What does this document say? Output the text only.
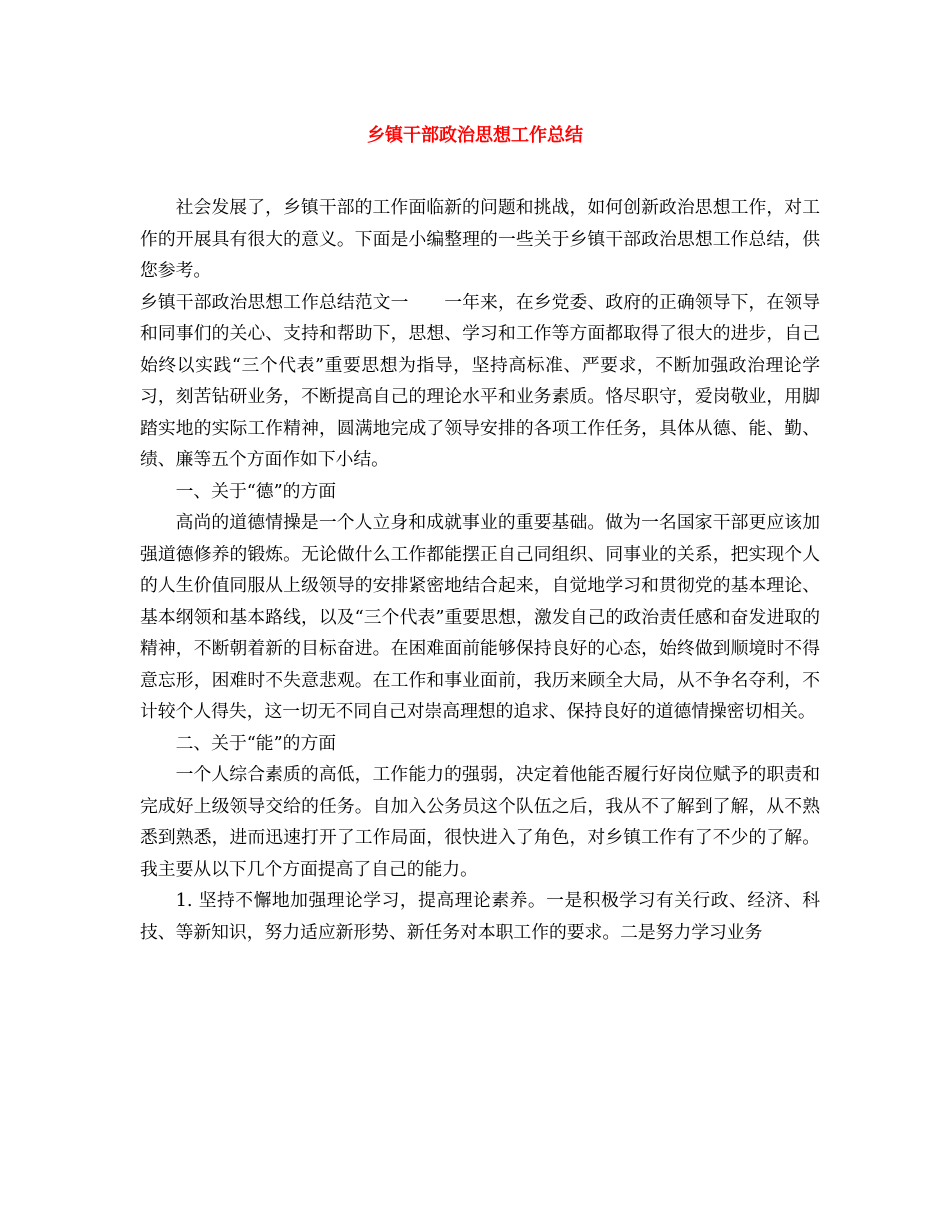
乡镇干部政治思想工作总结

社会发展了，乡镇干部的工作面临新的问题和挑战，如何创新政治思想工作，对工作的开展具有很大的意义。下面是小编整理的一些关于乡镇干部政治思想工作总结，供您参考。

乡镇干部政治思想工作总结范文一　　一年来，在乡党委、政府的正确领导下，在领导和同事们的关心、支持和帮助下，思想、学习和工作等方面都取得了很大的进步，自己始终以实践“三个代表”重要思想为指导，坚持高标准、严要求，不断加强政治理论学习，刻苦钻研业务，不断提高自己的理论水平和业务素质。恪尽职守，爱岗敬业，用脚踏实地的实际工作精神，圆满地完成了领导安排的各项工作任务，具体从德、能、勤、绩、廉等五个方面作如下小结。

一、关于“德”的方面

高尚的道德情操是一个人立身和成就事业的重要基础。做为一名国家干部更应该加强道德修养的锻炼。无论做什么工作都能摆正自己同组织、同事业的关系，把实现个人的人生价值同服从上级领导的安排紧密地结合起来，自觉地学习和贯彻党的基本理论、基本纲领和基本路线，以及“三个代表”重要思想，激发自己的政治责任感和奋发进取的精神，不断朝着新的目标奋进。在困难面前能够保持良好的心态，始终做到顺境时不得意忘形，困难时不失意悲观。在工作和事业面前，我历来顾全大局，从不争名夺利，不计较个人得失，这一切无不同自己对崇高理想的追求、保持良好的道德情操密切相关。

二、关于“能”的方面

一个人综合素质的高低，工作能力的强弱，决定着他能否履行好岗位赋予的职责和完成好上级领导交给的任务。自加入公务员这个队伍之后，我从不了解到了解，从不熟悉到熟悉，进而迅速打开了工作局面，很快进入了角色，对乡镇工作有了不少的了解。我主要从以下几个方面提高了自己的能力。

1. 坚持不懈地加强理论学习，提高理论素养。一是积极学习有关行政、经济、科技、等新知识，努力适应新形势、新任务对本职工作的要求。二是努力学习业务
